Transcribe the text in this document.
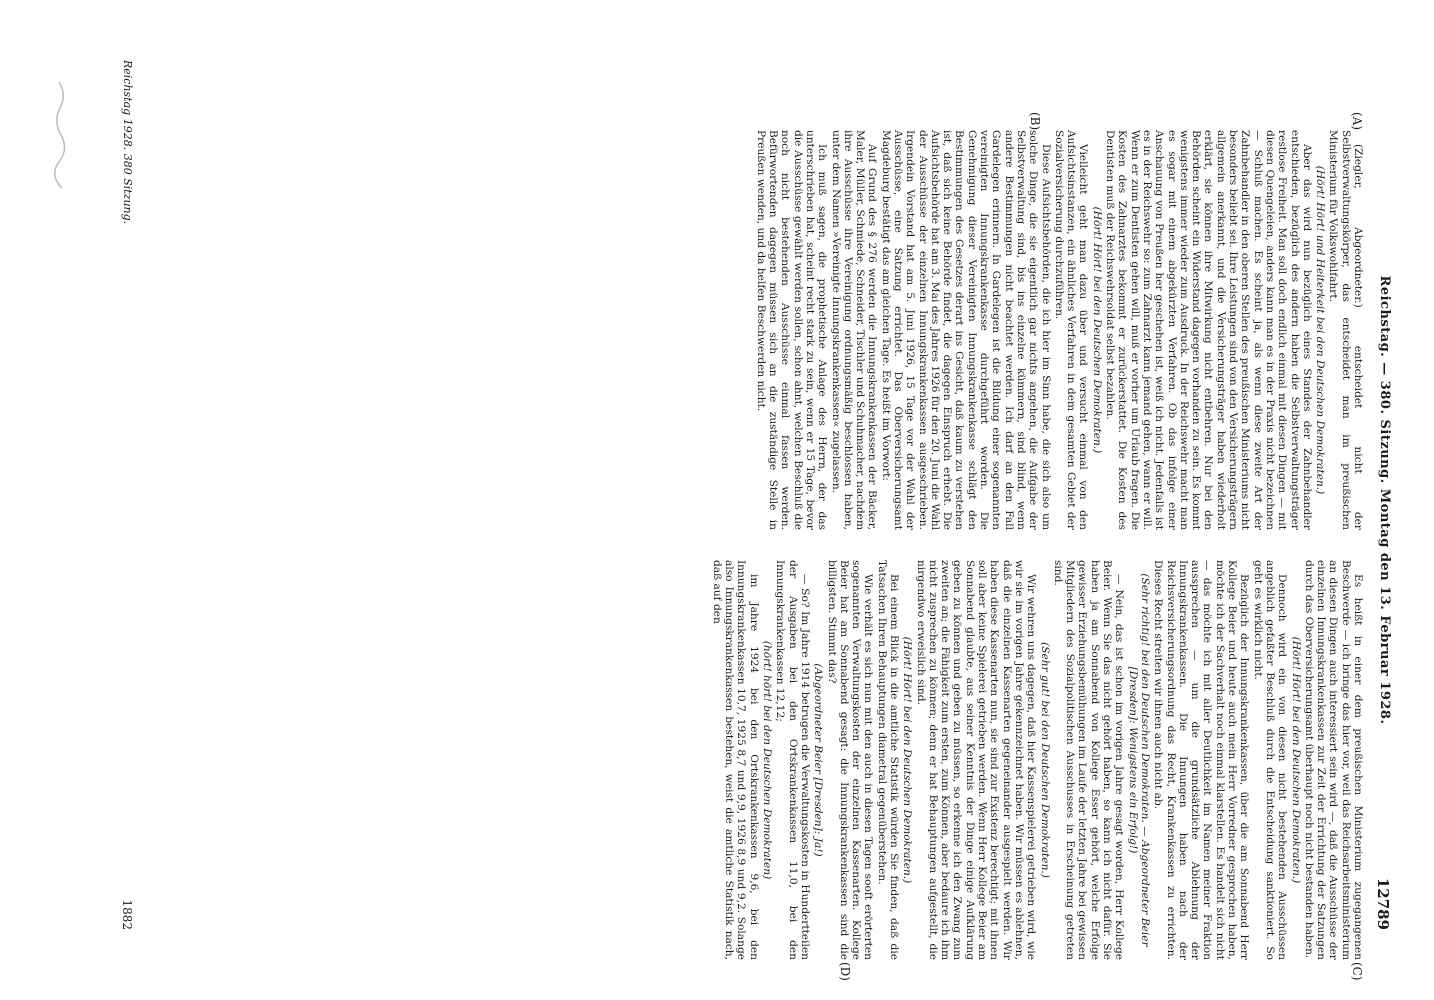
Reichstag. — 380. Sitzung. Montag den 13. Februar 1928.
12789
(A)
(B)
(C)
(D)

(Ziegler, Abgeordneter.) entscheidet nicht der Selbstverwaltungskörper, das entscheidet man im preußischen Ministerium für Volkswohlfahrt.

(Hört! Hört! und Heiterkeit bei den Deutschen Demokraten.)

Aber das wird nun bezüglich eines Standes der Zahnbehandler entschieden, bezüglich des andern haben die Selbstverwaltungsträger restlose Freiheit. Man soll doch endlich einmal mit diesen Dingen — mit diesen Quengeleien, anders kann man es in der Praxis nicht bezeichnen — Schluß machen. Es scheint ja, als wenn diese zweite Art der Zahnbehandler in den oberen Stellen des preußischen Ministeriums nicht besonders beliebt sei. Ihre Leistungen sind von den Versicherungsträgern allgemein anerkannt, und die Versicherungsträger haben wiederholt erklärt, sie können ihre Mitwirkung nicht entbehren. Nur bei den Behörden scheint ein Widerstand dagegen vorhanden zu sein. Es kommt wenigstens immer wieder zum Ausdruck. In der Reichswehr macht man es sogar mit einem abgekürzten Verfahren. Ob das infolge einer Anschauung von Preußen her geschehen ist, weiß ich nicht. Jedenfalls ist es in der Reichswehr so: zum Zahnarzt kann jemand gehen, wann er will. Wenn er zum Dentisten gehen will, muß er vorher um Urlaub fragen. Die Kosten des Zahnarztes bekommt er zurückerstattet. Die Kosten des Dentisten muß der Reichswehrsoldat selbst bezahlen.

(Hört! Hört! bei den Deutschen Demokraten.)

Vielleicht geht man dazu über und versucht einmal von den Aufsichtsinstanzen, ein ähnliches Verfahren in dem gesamten Gebiet der Sozialversicherung durchzuführen.

Diese Aufsichtsbehörden, die ich hier im Sinn habe, die sich also um solche Dinge, die sie eigentlich gar nichts angehen, die Aufgabe der Selbstverwaltung sind, bis ins einzelne kümmern, sind blind, wenn andere Bestimmungen nicht beachtet werden. Ich darf an den Fall Gardelegen erinnern. In Gardelegen ist die Bildung einer sogenannten vereinigten Innungskrankenkasse durchgeführt worden. Die Genehmigung dieser Vereinigten Innungskrankenkasse schlägt den Bestimmungen des Gesetzes derart ins Gesicht, daß kaum zu verstehen ist, daß sich keine Behörde findet, die dagegen Einspruch erhebt. Die Aufsichtsbehörde hat am 3. Mai des Jahres 1926 für den 20. Juni die Wahl der Ausschüsse der einzelnen Innungskrankenkassen ausgeschrieben. Irgendein Vorstand hat am 5. Juni 1926, 15 Tage vor der Wahl der Ausschüsse, eine Satzung errichtet. Das Oberversicherungsamt Magdeburg bestätigt das am gleichen Tage. Es heißt im Vorwort:

Auf Grund des § 276 werden die Innungskrankenkassen der Bäcker, Maler, Müller, Schmiede, Schneider, Tischler und Schuhmacher, nachdem ihre Ausschüsse ihre Vereinigung ordnungsmäßig beschlossen haben, unter dem Namen »Vereinigte Innungskrankenkassen« zugelassen.

Ich muß sagen, die prophetische Anlage des Herrn, der das unterschrieben hat, scheint recht stark zu sein, wenn er 15 Tage, bevor die Ausschüsse gewählt werden sollen, schon ahnt, welchen Beschluß die noch nicht bestehenden Ausschüsse einmal fassen werden. Befürwortenden dagegen müssen sich an die zuständige Stelle in Preußen wenden, und da helfen Beschwerden nicht.

Es heißt in einer dem preußischen Ministerium zugegangenen Beschwerde — ich bringe das hier vor, weil das Reichsarbeitsministerium an diesen Dingen auch interessiert sein wird —, daß die Ausschüsse der einzelnen Innungskrankenkassen zur Zeit der Errichtung der Satzungen durch das Oberversicherungsamt überhaupt noch nicht bestanden haben.

(Hört! Hört! bei den Deutschen Demokraten.)

Dennoch wird ein von diesen nicht bestehenden Ausschüssen angeblich gefaßter Beschluß durch die Entscheidung sanktioniert. So geht es wirklich nicht.

Bezüglich der Innungskrankenkassen, über die am Sonnabend Herr Kollege Beier und heute auch mein Herr Vorredner gesprochen haben, möchte ich der Sachverhalt noch einmal klarstellen. Es handelt sich nicht — das möchte ich mit aller Deutlichkeit im Namen meiner Fraktion aussprechen — um die grundsätzliche Ablehnung der Innungskrankenkassen. Die Innungen haben nach der Reichsversicherungsordnung das Recht, Krankenkassen zu errichten. Dieses Recht streiten wir ihnen auch nicht ab.

(Sehr richtig! bei den Deutschen Demokraten. — Abgeordneter Beier [Dresden]: Wenigstens ein Erfolg!)

— Nein, das ist schon im vorigen Jahre gesagt worden, Herr Kollege Beier. Wenn Sie das nicht gehört haben, so kann ich nicht dafür. Sie haben ja am Sonnabend von Kollege Esser gehört, welche Erfolge gewisser Erziehungsbemühungen im Laufe der letzten Jahre bei gewissen Mitgliedern des Sozialpolitischen Ausschusses in Erscheinung getreten sind.

(Sehr gut! bei den Deutschen Demokraten.)

Wir wehren uns dagegen, daß hier Kassenspielerei getrieben wird, wie wir sie im vorigen Jahre gekennzeichnet haben. Wir müssen es ablehnen, daß die einzelnen Kassenarten gegeneinander ausgespielt werden. Wir haben diese Kassenarten nun, sie sind zur Existenz berechtigt; mit ihnen soll aber keine Spielerei getrieben werden. Wenn Herr Kollege Beier am Sonnabend glaubte, aus seiner Kenntnis der Dinge einige Aufklärung geben zu können und geben zu müssen, so erkenne ich den Zwang zum zweiten an; die Fähigkeit zum ersten, zum Können, aber bedaure ich ihm nicht zusprechen zu können; denn er hat Behauptungen aufgestellt, die nirgendwo erweislich sind.

(Hört! Hört! bei den Deutschen Demokraten.)

Bei einem Blick in die amtliche Statistik würden Sie finden, daß die Tatsachen Ihren Behauptungen diametral gegenüberstehen.

Wie verhält es sich nun mit den auch in diesen Tagen sooft erörterten sogenannten Verwaltungskosten der einzelnen Kassenarten. Kollege Beier hat am Sonnabend gesagt: die Innungskrankenkassen sind die billigsten. Stimmt das?

(Abgeordneter Beier [Dresden]: Ja!)

— So? Im Jahre 1914 betrugen die Verwaltungskosten in Hundertteilen der Ausgaben bei den Ortskrankenkassen 11,0, bei den Innungskrankenkassen 12,12;

(hört! hört! bei den Deutschen Demokraten)

im Jahre 1924 bei den Ortskrankenkassen 9,6, bei den Innungskrankenkassen 10,7, 1925 8,7 und 9,9, 1926 8,9 und 9,2. Solange also Innungskrankenkassen bestehen, weist die amtliche Statistik nach, daß auf den

Reichstag 1928. 380 Sitzung.
1882
